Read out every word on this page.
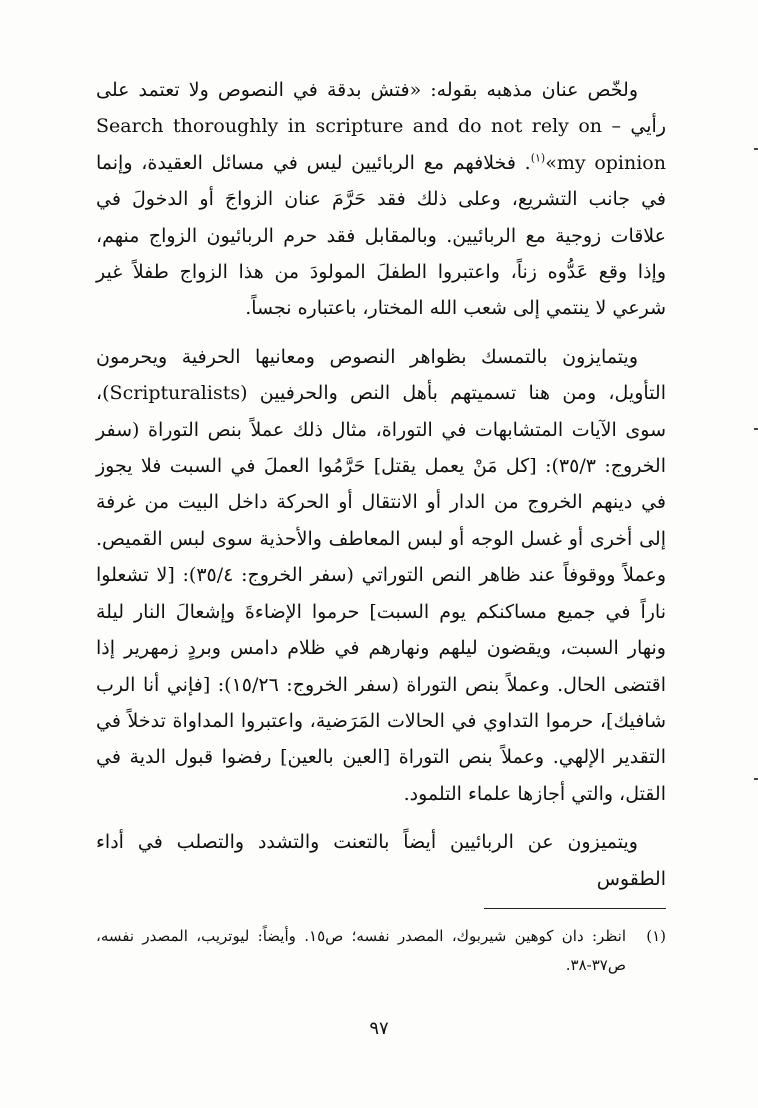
ولخّص عنان مذهبه بقوله: «فتش بدقة في النصوص ولا تعتمد على رأيي – Search thoroughly in scripture and do not rely on my opinion»$^{(١)}$. فخلافهم مع الربائيين ليس في مسائل العقيدة، وإنما في جانب التشريع، وعلى ذلك فقد حَرَّمَ عنان الزواجَ أو الدخولَ في علاقات زوجية مع الربائيين. وبالمقابل فقد حرم الربائيون الزواج منهم، وإذا وقع عَدُّوه زناً، واعتبروا الطفلَ المولودَ من هذا الزواج طفلاً غير شرعي لا ينتمي إلى شعب الله المختار، باعتباره نجساً.

ويتمايزون بالتمسك بظواهر النصوص ومعانيها الحرفية ويحرمون التأويل، ومن هنا تسميتهم بأهل النص والحرفيين (Scripturalists)، سوى الآيات المتشابهات في التوراة، مثال ذلك عملاً بنص التوراة (سفر الخروج: ٣٥/٣): [كل مَنْ يعمل يقتل] حَرَّمُوا العملَ في السبت فلا يجوز في دينهم الخروج من الدار أو الانتقال أو الحركة داخل البيت من غرفة إلى أخرى أو غسل الوجه أو لبس المعاطف والأحذية سوى لبس القميص. وعملاً ووقوفاً عند ظاهر النص التوراتي (سفر الخروج: ٣٥/٤): [لا تشعلوا ناراً في جميع مساكنكم يوم السبت] حرموا الإضاءةَ وإشعالَ النار ليلة ونهار السبت، ويقضون ليلهم ونهارهم في ظلام دامس وبردٍ زمهرير إذا اقتضى الحال. وعملاً بنص التوراة (سفر الخروج: ١٥/٢٦): [فإني أنا الرب شافيك]، حرموا التداوي في الحالات المَرَضية، واعتبروا المداواة تدخلاً في التقدير الإلهي. وعملاً بنص التوراة [العين بالعين] رفضوا قبول الدية في القتل، والتي أجازها علماء التلمود.

ويتميزون عن الربائيين أيضاً بالتعنت والتشدد والتصلب في أداء الطقوس

(١)
انظر: دان كوهين شيربوك، المصدر نفسه؛ ص١٥. وأيضاً: ليوتريب، المصدر نفسه، ص٣٧-٣٨.
٩٧
